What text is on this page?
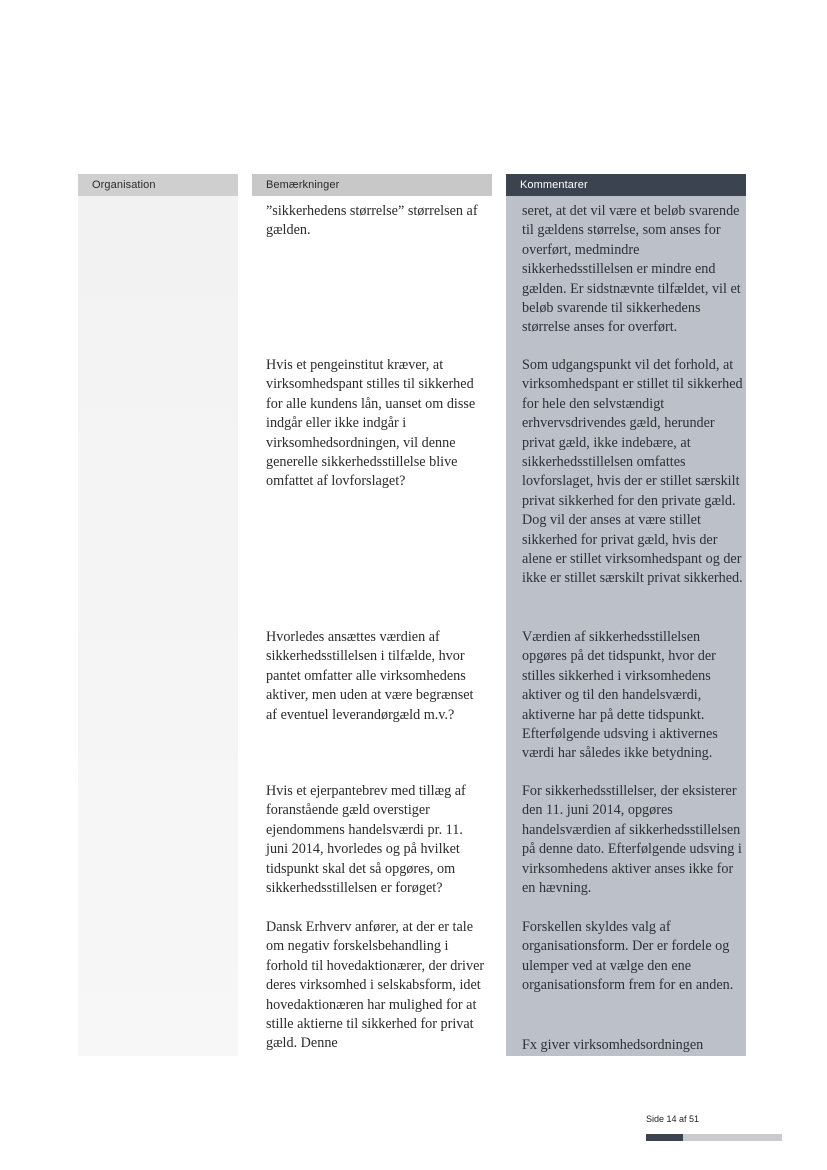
Organisation	Bemærkninger

”sikkerhedens størrelse” størrelsen af gælden.

Hvis et pengeinstitut kræver, at virksomhedspant stilles til sikkerhed for alle kundens lån, uanset om disse indgår eller ikke indgår i virksomhedsordningen, vil denne generelle sikkerhedsstillelse blive omfattet af lovforslaget?

Hvorledes ansættes værdien af sikkerhedsstillelsen i tilfælde, hvor pantet omfatter alle virksomhedens aktiver, men uden at være begrænset af eventuel leverandørgæld m.v.?

Hvis et ejerpantebrev med tillæg af foranstående gæld overstiger ejendommens handelsværdi pr. 11. juni 2014, hvorledes og på hvilket tidspunkt skal det så opgøres, om sikkerhedsstillelsen er forøget?

Dansk Erhverv anfører, at der er tale om negativ forskelsbehandling i forhold til hovedaktionærer, der driver deres virksomhed i selskabsform, idet hovedaktionæren har mulighed for at stille aktierne til sikkerhed for privat gæld. Denne

Kommentarer

seret, at det vil være et beløb svarende til gældens størrelse, som anses for overført, medmindre sikkerhedsstillelsen er mindre end gælden. Er sidstnævnte tilfældet, vil et beløb svarende til sikkerhedens størrelse anses for overført.

Som udgangspunkt vil det forhold, at virksomhedspant er stillet til sikkerhed for hele den selvstændigt erhvervsdrivendes gæld, herunder privat gæld, ikke indebære, at sikkerhedsstillelsen omfattes lovforslaget, hvis der er stillet særskilt privat sikkerhed for den private gæld. Dog vil der anses at være stillet sikkerhed for privat gæld, hvis der alene er stillet virksomhedspant og der ikke er stillet særskilt privat sikkerhed.

Værdien af sikkerhedsstillelsen opgøres på det tidspunkt, hvor der stilles sikkerhed i virksomhedens aktiver og til den handelsværdi, aktiverne har på dette tidspunkt. Efterfølgende udsving i aktivernes værdi har således ikke betydning.

For sikkerhedsstillelser, der eksisterer den 11. juni 2014, opgøres handelsværdien af sikkerhedsstillelsen på denne dato. Efterfølgende udsving i virksomhedens aktiver anses ikke for en hævning.

Forskellen skyldes valg af organisationsform. Der er fordele og ulemper ved at vælge den ene organisationsform frem for en anden.

Fx giver virksomhedsordningen

Side 14 af 51
